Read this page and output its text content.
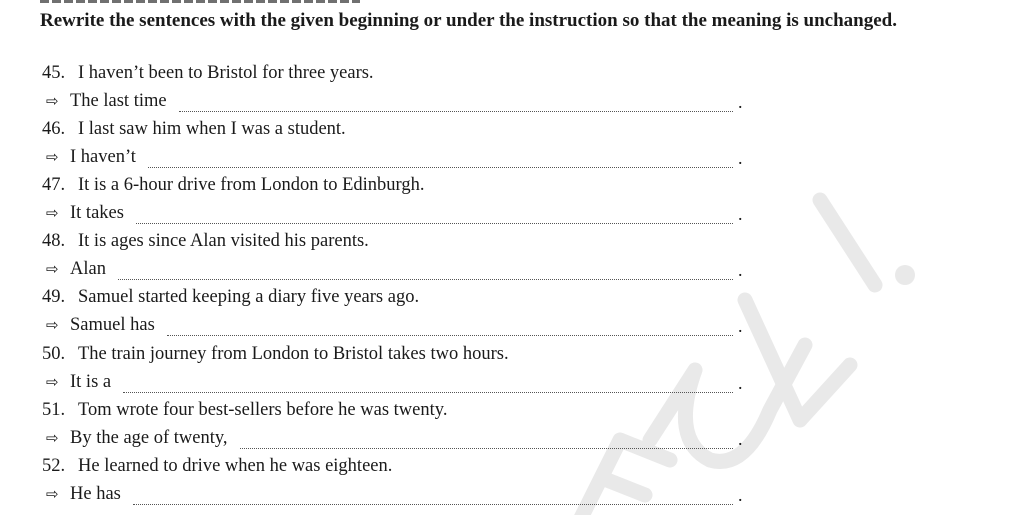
Rewrite the sentences with the given beginning or under the instruction so that the meaning is unchanged.
45. I haven’t been to Bristol for three years.
⇨ The last time	.
46. I last saw him when I was a student.
⇨ I haven’t	.
47. It is a 6-hour drive from London to Edinburgh.
⇨ It takes	.
48. It is ages since Alan visited his parents.
⇨ Alan	.
49. Samuel started keeping a diary five years ago.
⇨ Samuel has	.
50. The train journey from London to Bristol takes two hours.
⇨ It is a	.
51. Tom wrote four best-sellers before he was twenty.
⇨ By the age of twenty,	.
52. He learned to drive when he was eighteen.
⇨ He has	.
